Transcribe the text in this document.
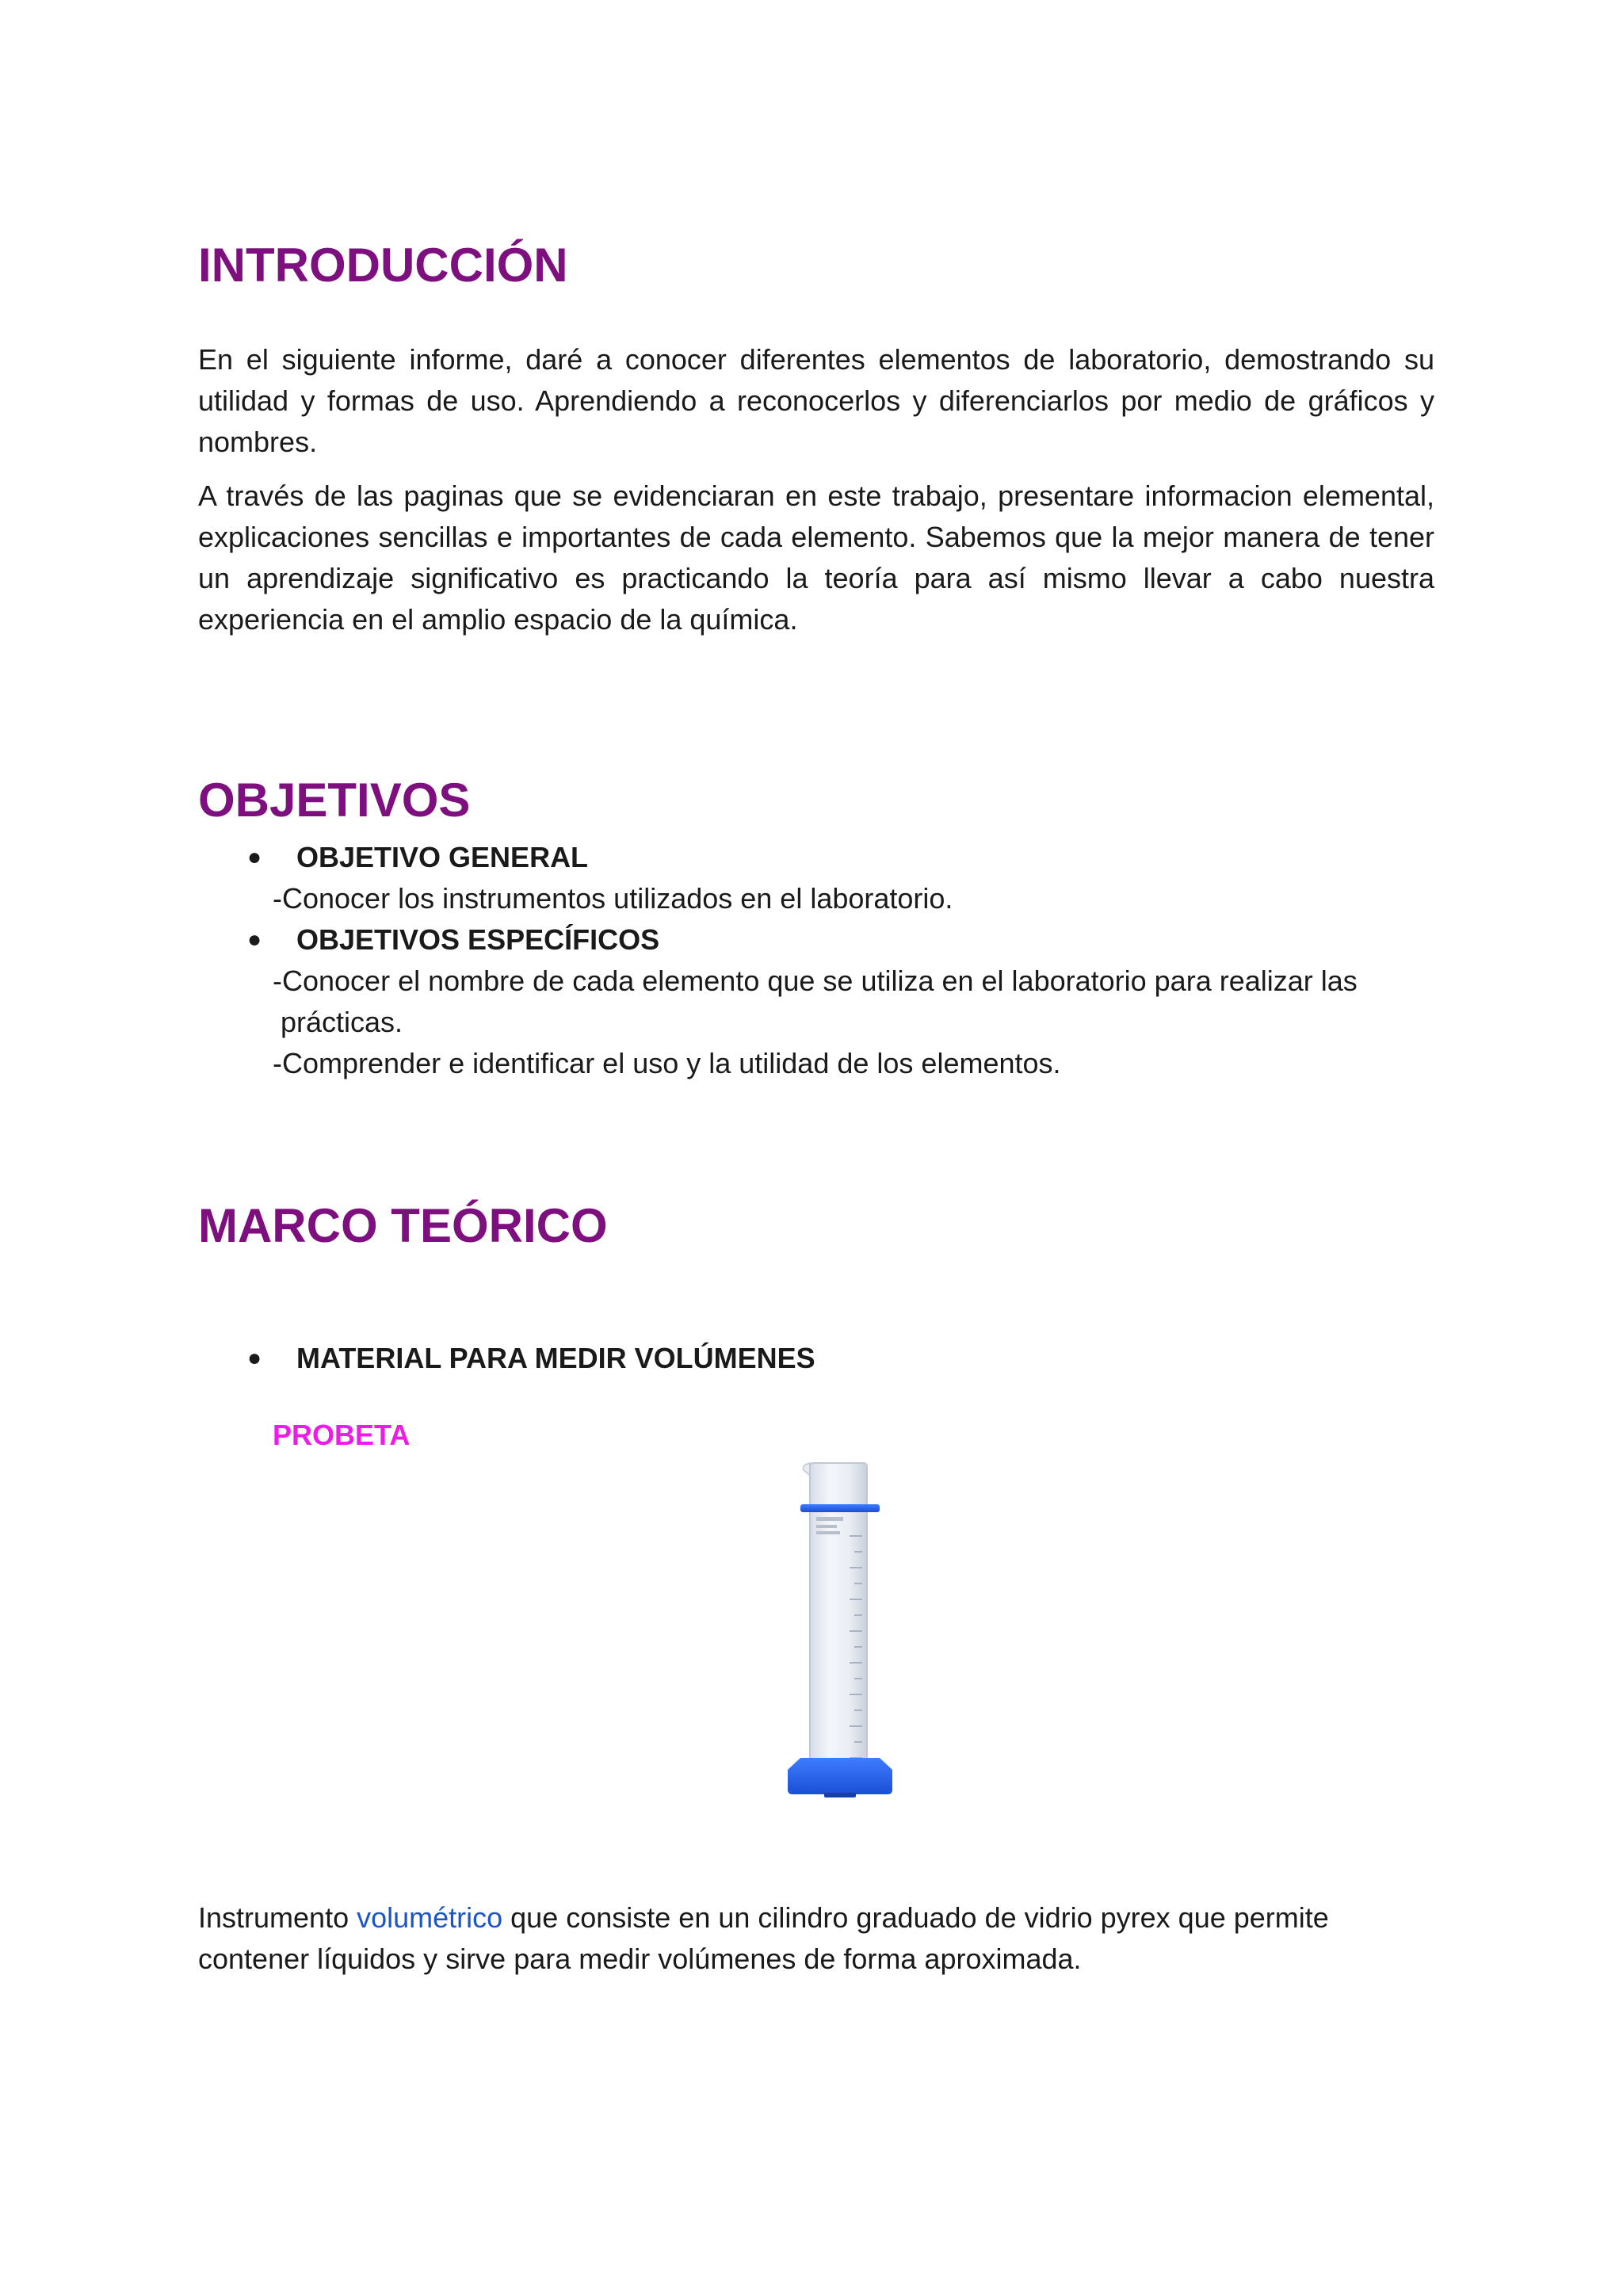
INTRODUCCIÓN

En el siguiente informe, daré a conocer diferentes elementos de laboratorio, demostrando su utilidad y formas de uso. Aprendiendo a reconocerlos y diferenciarlos por medio de gráficos y nombres.

A través de las paginas que se evidenciaran en este trabajo, presentare informacion elemental, explicaciones sencillas e importantes de cada elemento. Sabemos que la mejor manera de tener un aprendizaje significativo es practicando la teoría para así mismo llevar a cabo nuestra experiencia en el amplio espacio de la química.

OBJETIVOS
● OBJETIVO GENERAL
-Conocer los instrumentos utilizados en el laboratorio.
● OBJETIVOS ESPECÍFICOS
-Conocer el nombre de cada elemento que se utiliza en el laboratorio para realizar las
prácticas.
-Comprender e identificar el uso y la utilidad de los elementos.
MARCO TEÓRICO
● MATERIAL PARA MEDIR VOLÚMENES
PROBETA
Instrumento volumétrico que consiste en un cilindro graduado de vidrio pyrex que permite
contener líquidos y sirve para medir volúmenes de forma aproximada.
